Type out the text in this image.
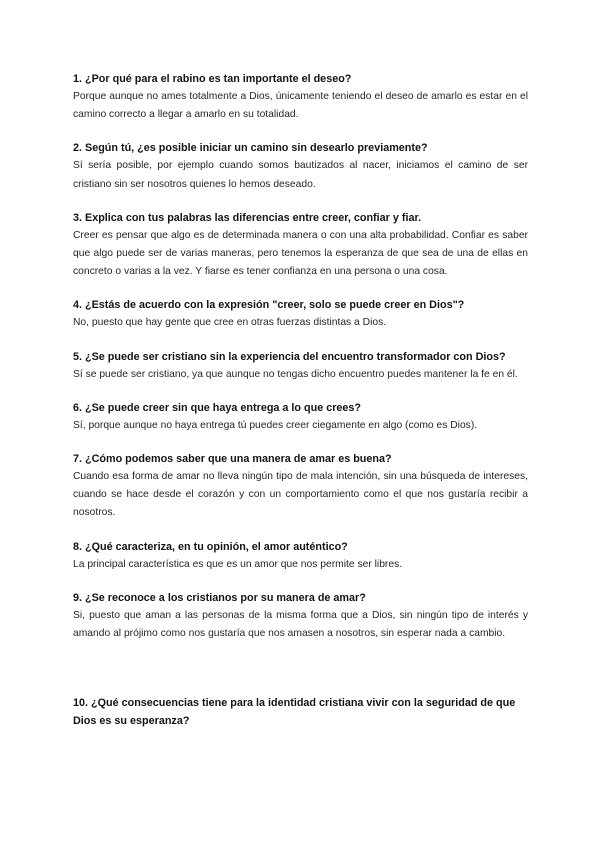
1. ¿Por qué para el rabino es tan importante el deseo?

Porque aunque no ames totalmente a Dios, únicamente teniendo el deseo de amarlo es estar en el camino correcto a llegar a amarlo en su totalidad.

2. Según tú, ¿es posible iniciar un camino sin desearlo previamente?

Sí sería posible, por ejemplo cuando somos bautizados al nacer, iniciamos el camino de ser cristiano sin ser nosotros quienes lo hemos deseado.

3. Explica con tus palabras las diferencias entre creer, confiar y fiar.

Creer es pensar que algo es de determinada manera o con una alta probabilidad. Confiar es saber que algo puede ser de varias maneras, pero tenemos la esperanza de que sea de una de ellas en concreto o varias a la vez. Y fiarse es tener confianza en una persona o una cosa.

4. ¿Estás de acuerdo con la expresión "creer, solo se puede creer en Dios"?

No, puesto que hay gente que cree en otras fuerzas distintas a Dios.

5. ¿Se puede ser cristiano sin la experiencia del encuentro transformador con Dios?

Sí se puede ser cristiano, ya que aunque no tengas dicho encuentro puedes mantener la fe en él.

6. ¿Se puede creer sin que haya entrega a lo que crees?

Sí, porque aunque no haya entrega tú puedes creer ciegamente en algo (como es Dios).

7. ¿Cómo podemos saber que una manera de amar es buena?

Cuando esa forma de amar no lleva ningún tipo de mala intención, sin una búsqueda de intereses, cuando se hace desde el corazón y con un comportamiento como el que nos gustaría recibir a nosotros.

8. ¿Qué caracteriza, en tu opinión, el amor auténtico?

La principal característica es que es un amor que nos permite ser libres.

9. ¿Se reconoce a los cristianos por su manera de amar?

Si, puesto que aman a las personas de la misma forma que a Dios, sin ningún tipo de interés y amando al prójimo como nos gustaría que nos amasen a nosotros, sin esperar nada a cambio.

10. ¿Qué consecuencias tiene para la identidad cristiana vivir con la seguridad de que Dios es su esperanza?
